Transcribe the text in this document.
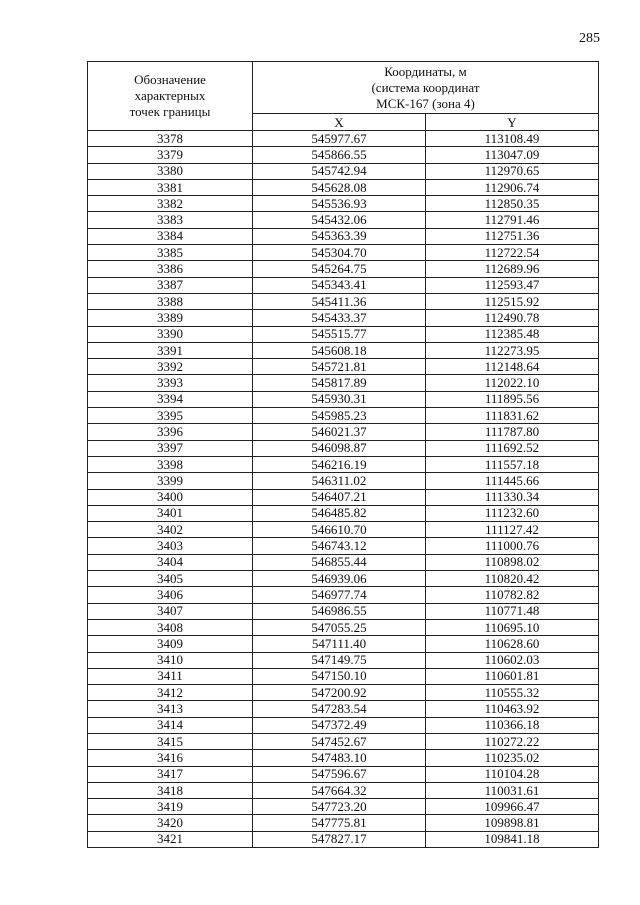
285
Обозначение
характерных
точек границы	Координаты, м
(система координат
МСК-167 (зона 4)	

	X	Y
3378	545977.67	113108.49
3379	545866.55	113047.09
3380	545742.94	112970.65
3381	545628.08	112906.74
3382	545536.93	112850.35
3383	545432.06	112791.46
3384	545363.39	112751.36
3385	545304.70	112722.54
3386	545264.75	112689.96
3387	545343.41	112593.47
3388	545411.36	112515.92
3389	545433.37	112490.78
3390	545515.77	112385.48
3391	545608.18	112273.95
3392	545721.81	112148.64
3393	545817.89	112022.10
3394	545930.31	111895.56
3395	545985.23	111831.62
3396	546021.37	111787.80
3397	546098.87	111692.52
3398	546216.19	111557.18
3399	546311.02	111445.66
3400	546407.21	111330.34
3401	546485.82	111232.60
3402	546610.70	111127.42
3403	546743.12	111000.76
3404	546855.44	110898.02
3405	546939.06	110820.42
3406	546977.74	110782.82
3407	546986.55	110771.48
3408	547055.25	110695.10
3409	547111.40	110628.60
3410	547149.75	110602.03
3411	547150.10	110601.81
3412	547200.92	110555.32
3413	547283.54	110463.92
3414	547372.49	110366.18
3415	547452.67	110272.22
3416	547483.10	110235.02
3417	547596.67	110104.28
3418	547664.32	110031.61
3419	547723.20	109966.47
3420	547775.81	109898.81
3421	547827.17	109841.18
